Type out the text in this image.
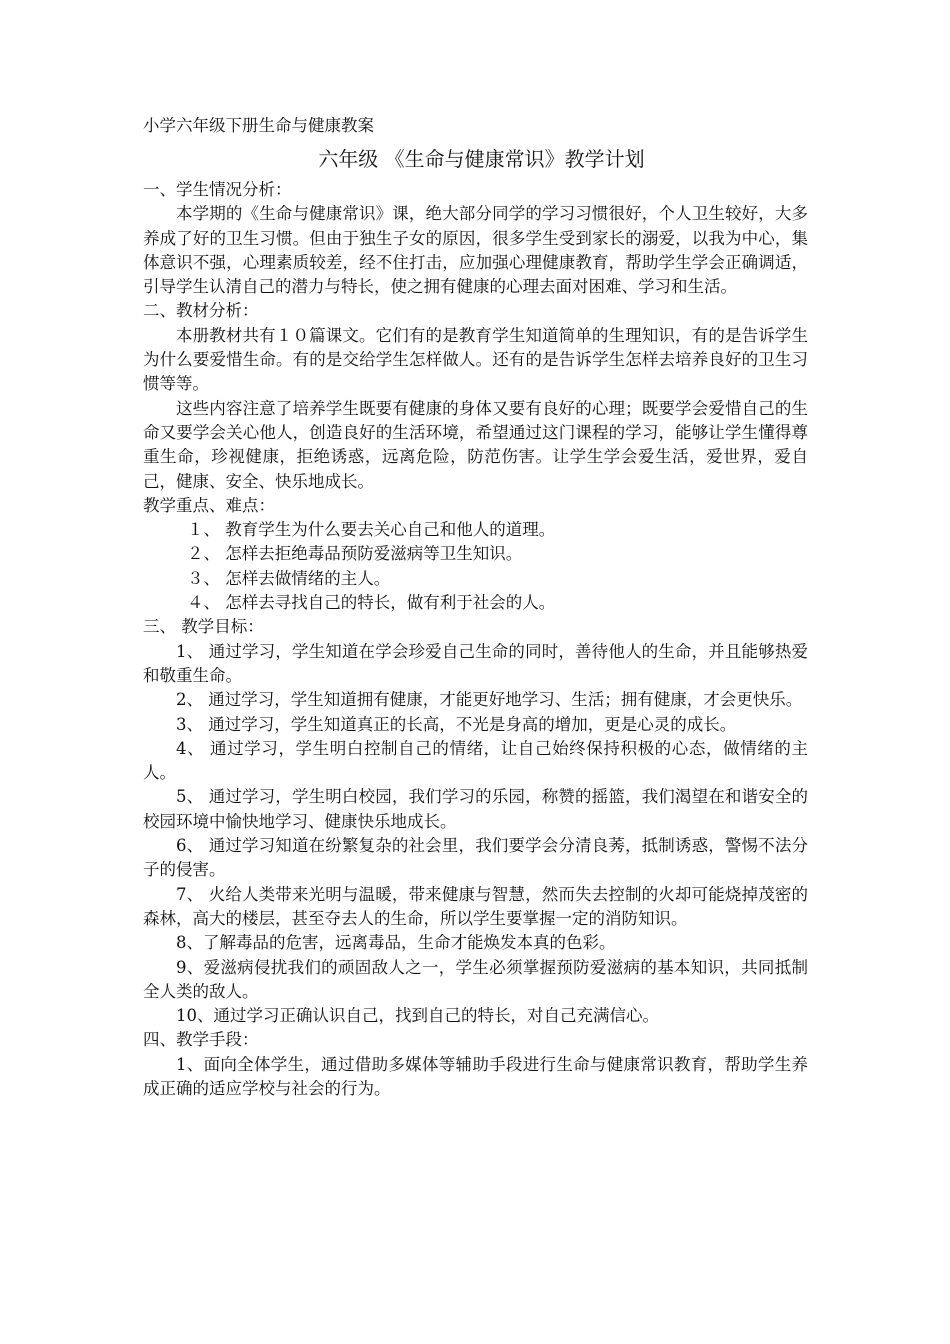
小学六年级下册生命与健康教案

六年级 《生命与健康常识》教学计划

一、学生情况分析：

本学期的《生命与健康常识》课，绝大部分同学的学习习惯很好，个人卫生较好，大多养成了好的卫生习惯。但由于独生子女的原因，很多学生受到家长的溺爱，以我为中心，集体意识不强，心理素质较差，经不住打击，应加强心理健康教育，帮助学生学会正确调适，引导学生认清自己的潜力与特长，使之拥有健康的心理去面对困难、学习和生活。

二、教材分析：

本册教材共有１０篇课文。它们有的是教育学生知道简单的生理知识，有的是告诉学生为什么要爱惜生命。有的是交给学生怎样做人。还有的是告诉学生怎样去培养良好的卫生习惯等等。

这些内容注意了培养学生既要有健康的身体又要有良好的心理；既要学会爱惜自己的生命又要学会关心他人，创造良好的生活环境，希望通过这门课程的学习，能够让学生懂得尊重生命，珍视健康，拒绝诱惑，远离危险，防范伤害。让学生学会爱生活，爱世界，爱自己，健康、安全、快乐地成长。

教学重点、难点：

１、 教育学生为什么要去关心自己和他人的道理。

２、 怎样去拒绝毒品预防爱滋病等卫生知识。

３、 怎样去做情绪的主人。

４、 怎样去寻找自己的特长，做有利于社会的人。

三、 教学目标：

1、 通过学习，学生知道在学会珍爱自己生命的同时，善待他人的生命，并且能够热爱和敬重生命。

2、 通过学习，学生知道拥有健康，才能更好地学习、生活；拥有健康，才会更快乐。

3、 通过学习，学生知道真正的长高，不光是身高的增加，更是心灵的成长。

4、 通过学习，学生明白控制自己的情绪，让自己始终保持积极的心态，做情绪的主人。

5、 通过学习，学生明白校园，我们学习的乐园，称赞的摇篮，我们渴望在和谐安全的校园环境中愉快地学习、健康快乐地成长。

6、 通过学习知道在纷繁复杂的社会里，我们要学会分清良莠，抵制诱惑，警惕不法分子的侵害。

7、 火给人类带来光明与温暖，带来健康与智慧，然而失去控制的火却可能烧掉茂密的森林，高大的楼层，甚至夺去人的生命，所以学生要掌握一定的消防知识。

8、了解毒品的危害，远离毒品，生命才能焕发本真的色彩。

9、爱滋病侵扰我们的顽固敌人之一，学生必须掌握预防爱滋病的基本知识，共同抵制全人类的敌人。

10、通过学习正确认识自己，找到自己的特长，对自己充满信心。

四、教学手段：

1、面向全体学生，通过借助多媒体等辅助手段进行生命与健康常识教育，帮助学生养成正确的适应学校与社会的行为。
